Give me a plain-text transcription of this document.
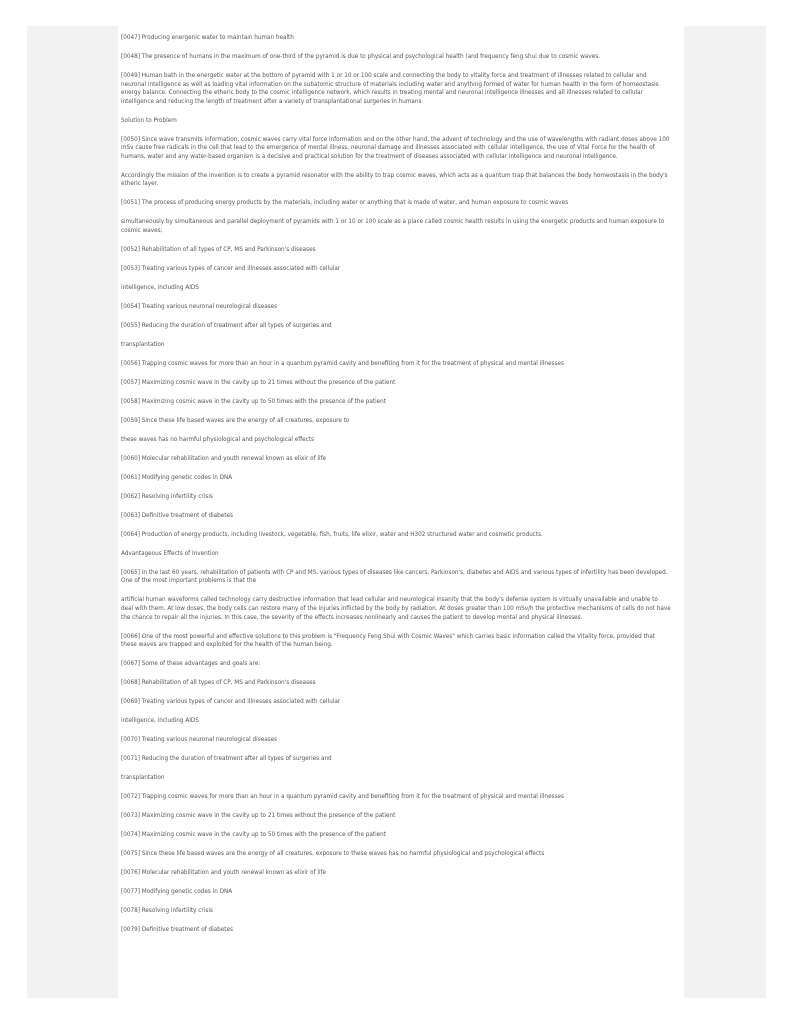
[0047] Producing energenic water to maintain human health

[0048] The presence of humans in the maximum of one-third of the pyramid is due to physical and psychological health (and frequency feng shui due to cosmic waves.

[0049] Human bath in the energetic water at the bottom of pyramid with 1 or 10 or 100 scale and connecting the body to vitality force and treatment of illnesses related to cellular and neuronal intelligence as well as loading vital information on the subatomic structure of materials including water and anything formed of water for human health in the form of homeostasis energy balance. Connecting the etheric body to the cosmic intelligence network, which results in treating mental and neuronal intelligence illnesses and all illnesses related to cellular intelligence and reducing the length of treatment after a variety of transplantational surgeries in humans

Solution to Problem

[0050] Since wave transmits information, cosmic waves carry vital force information and on the other hand, the advent of technology and the use of wavelengths with radiant doses above 100 mSv cause free radicals in the cell that lead to the emergence of mental illness, neuronal damage and illnesses associated with cellular intelligence, the use of Vital Force for the health of humans, water and any water-based organism is a decisive and practical solution for the treatment of diseases associated with cellular intelligence and neuronal intelligence.

Accordingly the mission of the invention is to create a pyramid resonator with the ability to trap cosmic waves, which acts as a quantum trap that balances the body homeostasis in the body's etheric layer.

[0051] The process of producing energy products by the materials, including water or anything that is made of water, and human exposure to cosmic waves

simultaneously by simultaneous and parallel deployment of pyramids with 1 or 10 or 100 scale as a place called cosmic health results in using the energetic products and human exposure to cosmic waves;

[0052] Rehabilitation of all types of CP, MS and Parkinson's diseases

[0053] Treating various types of cancer and illnesses associated with cellular

intelligence, including AIDS

[0054] Treating various neuronal neurological diseases

[0055] Reducing the duration of treatment after all types of surgeries and

transplantation

[0056] Trapping cosmic waves for more than an hour in a quantum pyramid cavity and benefiting from it for the treatment of physical and mental illnesses

[0057] Maximizing cosmic wave in the cavity up to 21 times without the presence of the patient

[0058] Maximizing cosmic wave in the cavity up to 50 times with the presence of the patient

[0059] Since these life based waves are the energy of all creatures, exposure to

these waves has no harmful physiological and psychological effects

[0060] Molecular rehabilitation and youth renewal known as elixir of life

[0061] Modifying genetic codes in DNA

[0062] Resolving infertility crisis

[0063] Definitive treatment of diabetes

[0064] Production of energy products, including livestock, vegetable, fish, fruits, life elixir, water and H302 structured water and cosmetic products.

Advantageous Effects of Invention

[0065] In the last 60 years, rehabilitation of patients with CP and MS, various types of diseases like cancers, Parkinson's, diabetes and AIDS and various types of infertility has been developed. One of the most important problems is that the

artificial human waveforms called technology carry destructive information that lead cellular and neurological insanity that the body's defense system is virtually unavailable and unable to deal with them. At low doses, the body cells can restore many of the injuries inflicted by the body by radiation. At doses greater than 100 mSv/h the protective mechanisms of cells do not have the chance to repair all the injuries. In this case, the severity of the effects increases nonlinearly and causes the patient to develop mental and physical illnesses.

[0066] One of the most powerful and effective solutions to this problem is "Frequency Feng Shui with Cosmic Waves" which carries basic information called the Vitality force, provided that these waves are trapped and exploited for the health of the human being.

[0067] Some of these advantages and goals are:

[0068] Rehabilitation of all types of CP, MS and Parkinson's diseases

[0069] Treating various types of cancer and illnesses associated with cellular

intelligence, including AIDS

[0070] Treating various neuronal neurological diseases

[0071] Reducing the duration of treatment after all types of surgeries and

transplantation

[0072] Trapping cosmic waves for more than an hour in a quantum pyramid cavity and benefiting from it for the treatment of physical and mental illnesses

[0073] Maximizing cosmic wave in the cavity up to 21 times without the presence of the patient

[0074] Maximizing cosmic wave in the cavity up to 50 times with the presence of the patient

[0075] Since these life based waves are the energy of all creatures, exposure to these waves has no harmful physiological and psychological effects

[0076] Molecular rehabilitation and youth renewal known as elixir of life

[0077] Modifying genetic codes in DNA

[0078] Resolving infertility crisis

[0079] Definitive treatment of diabetes
